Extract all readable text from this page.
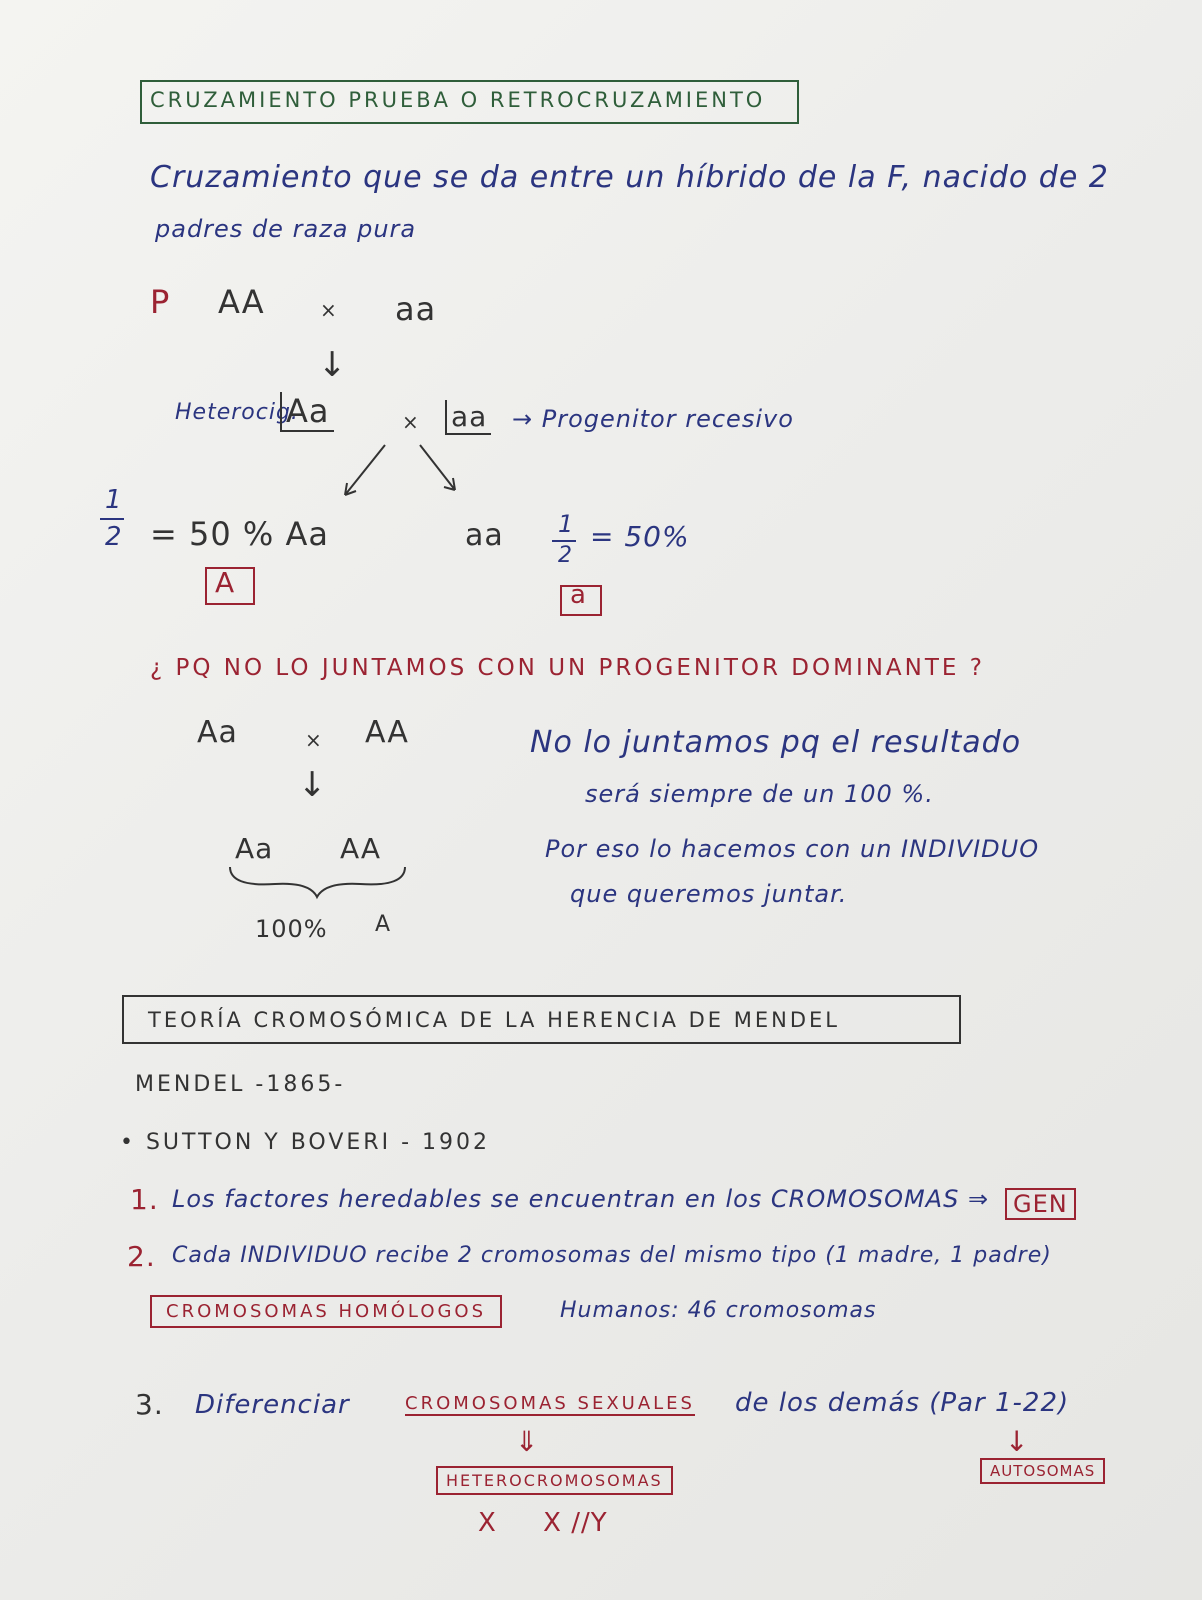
CRUZAMIENTO PRUEBA O RETROCRUZAMIENTO
Cruzamiento que se da entre un híbrido de la F, nacido de 2
padres de raza pura
P AA	× aa
↓
Heterocig.
Aa	× aa → Progenitor recesivo
1
2 = 50 % Aa
A
aa 1
2
= 50%
a
¿ PQ NO LO JUNTAMOS CON UN PROGENITOR DOMINANTE ?
Aa	× AA
↓
Aa AA
100% A
No lo juntamos pq el resultado
será siempre de un 100 %.
Por eso lo hacemos con un INDIVIDUO
que queremos juntar.
TEORÍA CROMOSÓMICA DE LA HERENCIA DE MENDEL
MENDEL -1865-
• SUTTON Y BOVERI - 1902
1. Los factores heredables se encuentran en los CROMOSOMAS ⇒ GEN
2. Cada INDIVIDUO recibe 2 cromosomas del mismo tipo (1 madre, 1 padre)
CROMOSOMAS HOMÓLOGOS	Humanos: 46 cromosomas
3. Diferenciar	CROMOSOMAS SEXUALES de los demás (Par 1-22)
⇓	↓
HETEROCROMOSOMAS	AUTOSOMAS
X     X //Y
